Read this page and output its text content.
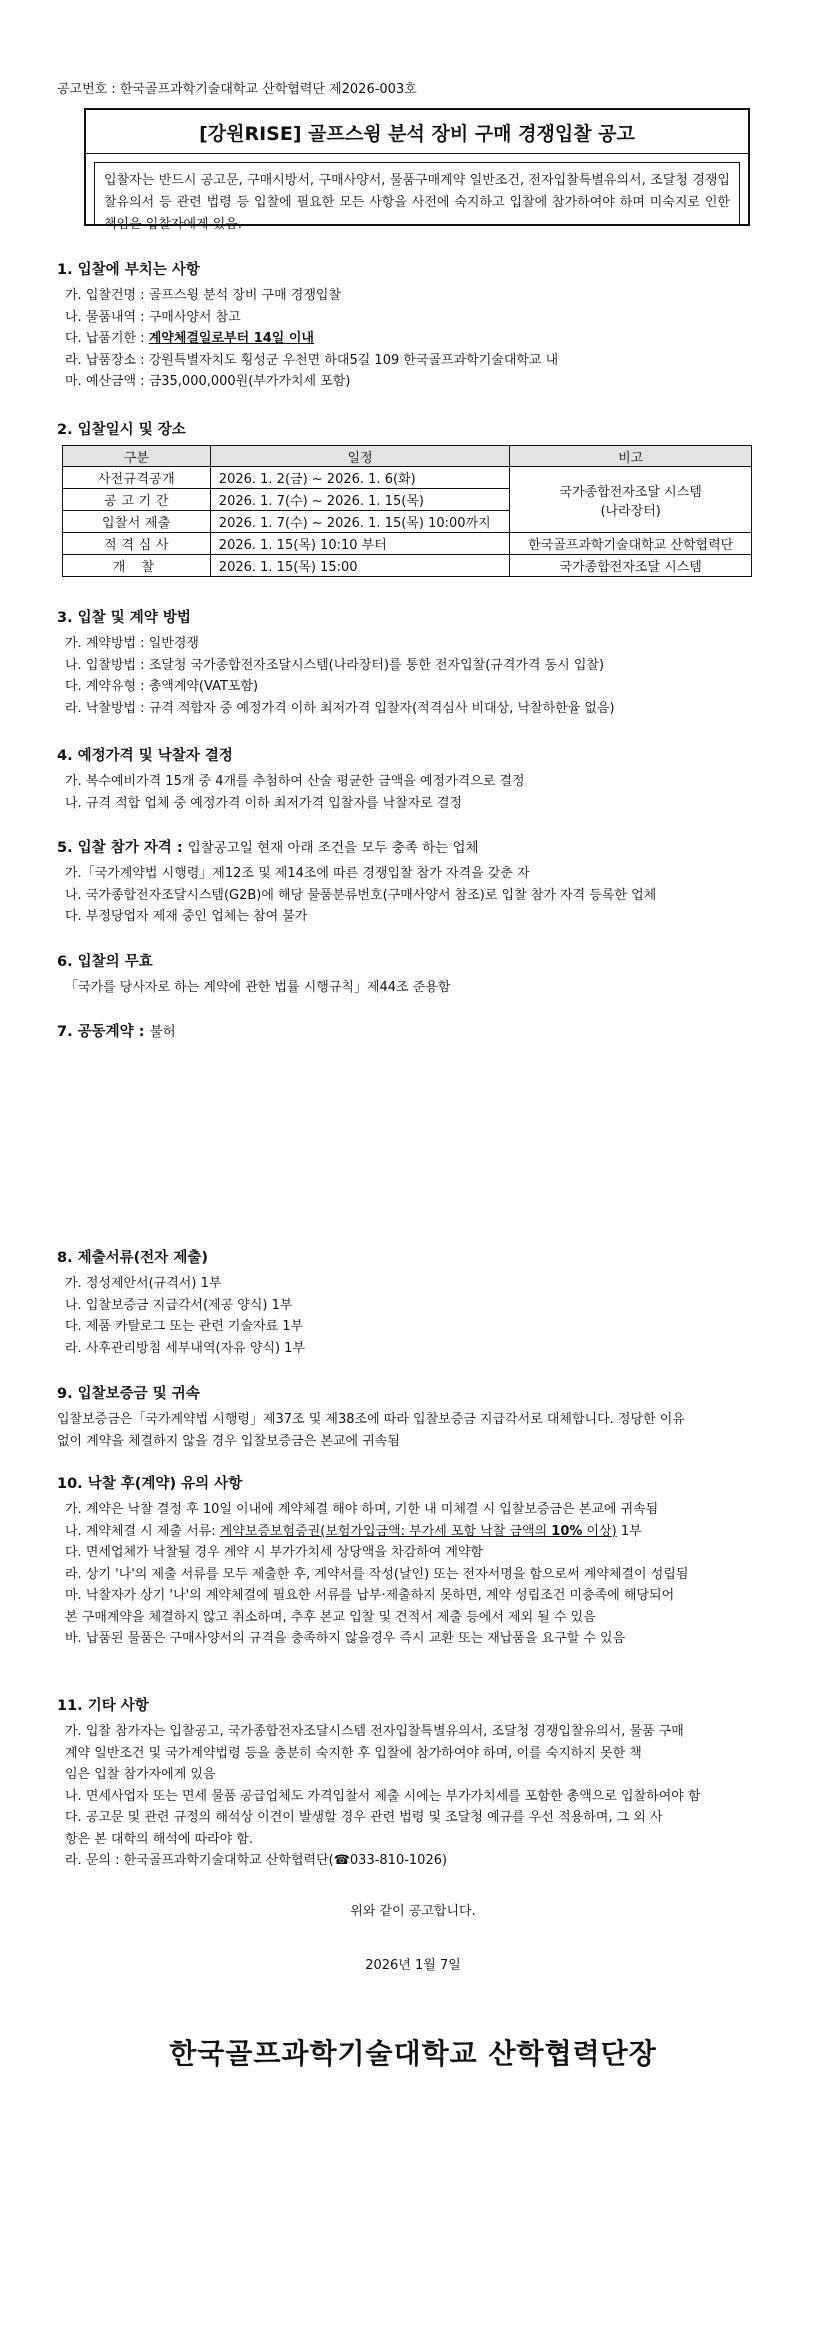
공고번호 : 한국골프과학기술대학교 산학협력단 제2026-003호
[강원RISE] 골프스윙 분석 장비 구매 경쟁입찰 공고
입찰자는 반드시 공고문, 구매시방서, 구매사양서, 물품구매계약 일반조건, 전자입찰특별유의서, 조달청 경쟁입찰유의서 등 관련 법령 등 입찰에 필요한 모든 사항을 사전에 숙지하고 입찰에 참가하여야 하며 미숙지로 인한 책임은 입찰자에게 있음.
1. 입찰에 부치는 사항
가. 입찰건명 : 골프스윙 분석 장비 구매 경쟁입찰
나. 물품내역 : 구매사양서 참고
다. 납품기한 : 계약체결일로부터 14일 이내
라. 납품장소 : 강원특별자치도 횡성군 우천면 하대5길 109 한국골프과학기술대학교 내
마. 예산금액 : 금35,000,000원(부가가치세 포함)
2. 입찰일시 및 장소
구분	일정	비고
사전규격공개	2026. 1. 2(금) ~ 2026. 1. 6(화)	국가종합전자조달 시스템
(나라장터)

공 고 기 간	2026. 1. 7(수) ~ 2026. 1. 15(목)	
입찰서 제출	2026. 1. 7(수) ~ 2026. 1. 15(목) 10:00까지	
적 격 심 사	2026. 1. 15(목) 10:10 부터	한국골프과학기술대학교 산학협력단
개 찰	2026. 1. 15(목) 15:00	국가종합전자조달 시스템
3. 입찰 및 계약 방법
가. 계약방법 : 일반경쟁
나. 입찰방법 : 조달청 국가종합전자조달시스템(나라장터)를 통한 전자입찰(규격가격 동시 입찰)
다. 계약유형 : 총액계약(VAT포함)
라. 낙찰방법 : 규격 적합자 중 예정가격 이하 최저가격 입찰자(적격심사 비대상, 낙찰하한율 없음)
4. 예정가격 및 낙찰자 결정
가. 복수예비가격 15개 중 4개를 추첨하여 산술 평균한 금액을 예정가격으로 결정
나. 규격 적합 업체 중 예정가격 이하 최저가격 입찰자를 낙찰자로 결정
5. 입찰 참가 자격 : 입찰공고일 현재 아래 조건을 모두 충족 하는 업체
가.「국가계약법 시행령」제12조 및 제14조에 따른 경쟁입찰 참가 자격을 갖춘 자
나. 국가종합전자조달시스템(G2B)에 해당 물품분류번호(구매사양서 참조)로 입찰 참가 자격 등록한 업체
다. 부정당업자 제재 중인 업체는 참여 불가
6. 입찰의 무효
「국가를 당사자로 하는 계약에 관한 법률 시행규칙」제44조 준용함
7. 공동계약 : 불허
8. 제출서류(전자 제출)
가. 정성제안서(규격서) 1부
나. 입찰보증금 지급각서(제공 양식) 1부
다. 제품 카탈로그 또는 관련 기술자료 1부
라. 사후관리방침 세부내역(자유 양식) 1부
9. 입찰보증금 및 귀속
입찰보증금은「국가계약법 시행령」제37조 및 제38조에 따라 입찰보증금 지급각서로 대체합니다. 정당한 이유
없이 계약을 체결하지 않을 경우 입찰보증금은 본교에 귀속됨
10. 낙찰 후(계약) 유의 사항
가. 계약은 낙찰 결정 후 10일 이내에 계약체결 해야 하며, 기한 내 미체결 시 입찰보증금은 본교에 귀속됨
나. 계약체결 시 제출 서류: 계약보증보험증권(보험가입금액: 부가세 포함 낙찰 금액의 10% 이상) 1부
다. 면세업체가 낙찰될 경우 계약 시 부가가치세 상당액을 차감하여 계약함
라. 상기 '나'의 제출 서류를 모두 제출한 후, 계약서를 작성(날인) 또는 전자서명을 함으로써 계약체결이 성립됨
마. 낙찰자가 상기 '나'의 계약체결에 필요한 서류를 납부·제출하지 못하면, 계약 성립조건 미충족에 해당되어
본 구매계약을 체결하지 않고 취소하며, 추후 본교 입찰 및 견적서 제출 등에서 제외 될 수 있음
바. 납품된 물품은 구매사양서의 규격을 충족하지 않을경우 즉시 교환 또는 재납품을 요구할 수 있음
11. 기타 사항
가. 입찰 참가자는 입찰공고, 국가종합전자조달시스템 전자입찰특별유의서, 조달청 경쟁입찰유의서, 물품 구매
계약 일반조건 및 국가계약법령 등을 충분히 숙지한 후 입찰에 참가하여야 하며, 이를 숙지하지 못한 책
임은 입찰 참가자에게 있음
나. 면세사업자 또는 면세 물품 공급업체도 가격입찰서 제출 시에는 부가가치세를 포함한 총액으로 입찰하여야 함
다. 공고문 및 관련 규정의 해석상 이견이 발생할 경우 관련 법령 및 조달청 예규를 우선 적용하며, 그 외 사
항은 본 대학의 해석에 따라야 함.
라. 문의 : 한국골프과학기술대학교 산학협력단(☎033-810-1026)
위와 같이 공고합니다.
2026년 1월 7일
한국골프과학기술대학교 산학협력단장
